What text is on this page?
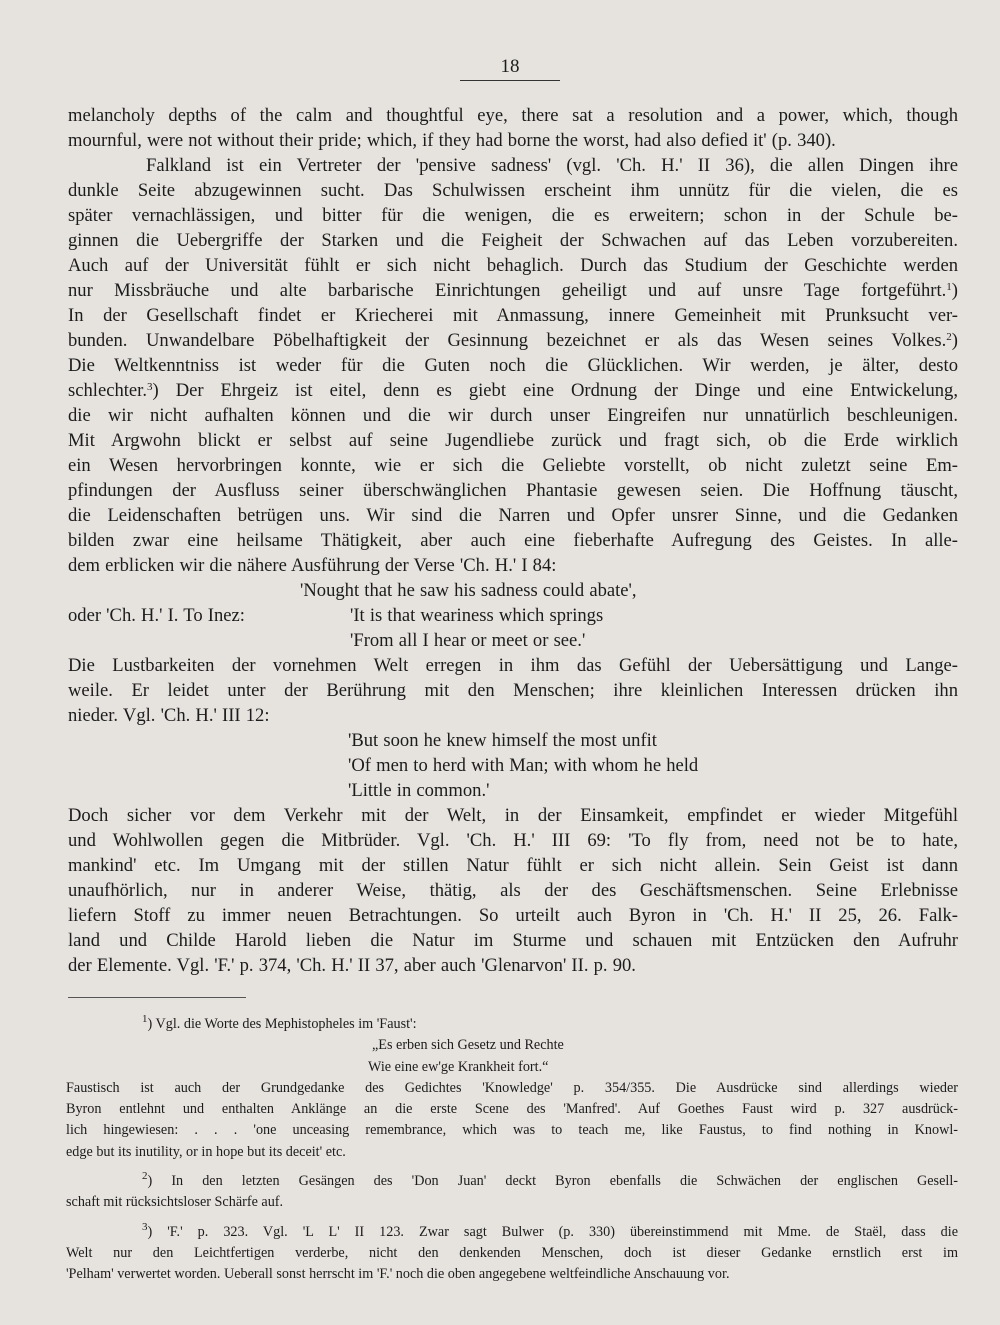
18

melancholy depths of the calm and thoughtful eye, there sat a resolution and a power, which, though

mournful, were not without their pride; which, if they had borne the worst, had also defied it' (p. 340).

Falkland ist ein Vertreter der 'pensive sadness' (vgl. 'Ch. H.' II 36), die allen Dingen ihre

dunkle Seite abzugewinnen sucht. Das Schulwissen erscheint ihm unnütz für die vielen, die es

später vernachlässigen, und bitter für die wenigen, die es erweitern; schon in der Schule be-

ginnen die Uebergriffe der Starken und die Feigheit der Schwachen auf das Leben vorzubereiten.

Auch auf der Universität fühlt er sich nicht behaglich. Durch das Studium der Geschichte werden

nur Missbräuche und alte barbarische Einrichtungen geheiligt und auf unsre Tage fortgeführt.$^1$)

In der Gesellschaft findet er Kriecherei mit Anmassung, innere Gemeinheit mit Prunksucht ver-

bunden. Unwandelbare Pöbelhaftigkeit der Gesinnung bezeichnet er als das Wesen seines Volkes.$^2$)

Die Weltkenntniss ist weder für die Guten noch die Glücklichen. Wir werden, je älter, desto

schlechter.$^3$) Der Ehrgeiz ist eitel, denn es giebt eine Ordnung der Dinge und eine Entwickelung,

die wir nicht aufhalten können und die wir durch unser Eingreifen nur unnatürlich beschleunigen.

Mit Argwohn blickt er selbst auf seine Jugendliebe zurück und fragt sich, ob die Erde wirklich

ein Wesen hervorbringen konnte, wie er sich die Geliebte vorstellt, ob nicht zuletzt seine Em-

pfindungen der Ausfluss seiner überschwänglichen Phantasie gewesen seien. Die Hoffnung täuscht,

die Leidenschaften betrügen uns. Wir sind die Narren und Opfer unsrer Sinne, und die Gedanken

bilden zwar eine heilsame Thätigkeit, aber auch eine fieberhafte Aufregung des Geistes. In alle-

dem erblicken wir die nähere Ausführung der Verse 'Ch. H.' I 84:

'Nought that he saw his sadness could abate',

oder 'Ch. H.' I. To Inez:	'It is that weariness which springs

'From all I hear or meet or see.'

Die Lustbarkeiten der vornehmen Welt erregen in ihm das Gefühl der Uebersättigung und Lange-

weile. Er leidet unter der Berührung mit den Menschen; ihre kleinlichen Interessen drücken ihn

nieder. Vgl. 'Ch. H.' III 12:

'But soon he knew himself the most unfit

'Of men to herd with Man; with whom he held

'Little in common.'

Doch sicher vor dem Verkehr mit der Welt, in der Einsamkeit, empfindet er wieder Mitgefühl

und Wohlwollen gegen die Mitbrüder. Vgl. 'Ch. H.' III 69: 'To fly from, need not be to hate,

mankind' etc. Im Umgang mit der stillen Natur fühlt er sich nicht allein. Sein Geist ist dann

unaufhörlich, nur in anderer Weise, thätig, als der des Geschäftsmenschen. Seine Erlebnisse

liefern Stoff zu immer neuen Betrachtungen. So urteilt auch Byron in 'Ch. H.' II 25, 26. Falk-

land und Childe Harold lieben die Natur im Sturme und schauen mit Entzücken den Aufruhr

der Elemente. Vgl. 'F.' p. 374, 'Ch. H.' II 37, aber auch 'Glenarvon' II. p. 90.

$^1$) Vgl. die Worte des Mephistopheles im 'Faust':

„Es erben sich Gesetz und Rechte

Wie eine ew'ge Krankheit fort.“

Faustisch ist auch der Grundgedanke des Gedichtes 'Knowledge' p. 354/355. Die Ausdrücke sind allerdings wieder

Byron entlehnt und enthalten Anklänge an die erste Scene des 'Manfred'. Auf Goethes Faust wird p. 327 ausdrück-

lich hingewiesen: . . . 'one unceasing remembrance, which was to teach me, like Faustus, to find nothing in Knowl-

edge but its inutility, or in hope but its deceit' etc.

$^2$) In den letzten Gesängen des 'Don Juan' deckt Byron ebenfalls die Schwächen der englischen Gesell-

schaft mit rücksichtsloser Schärfe auf.

$^3$) 'F.' p. 323. Vgl. 'L L' II 123. Zwar sagt Bulwer (p. 330) übereinstimmend mit Mme. de Staël, dass die

Welt nur den Leichtfertigen verderbe, nicht den denkenden Menschen, doch ist dieser Gedanke ernstlich erst im

'Pelham' verwertet worden. Ueberall sonst herrscht im 'F.' noch die oben angegebene weltfeindliche Anschauung vor.
